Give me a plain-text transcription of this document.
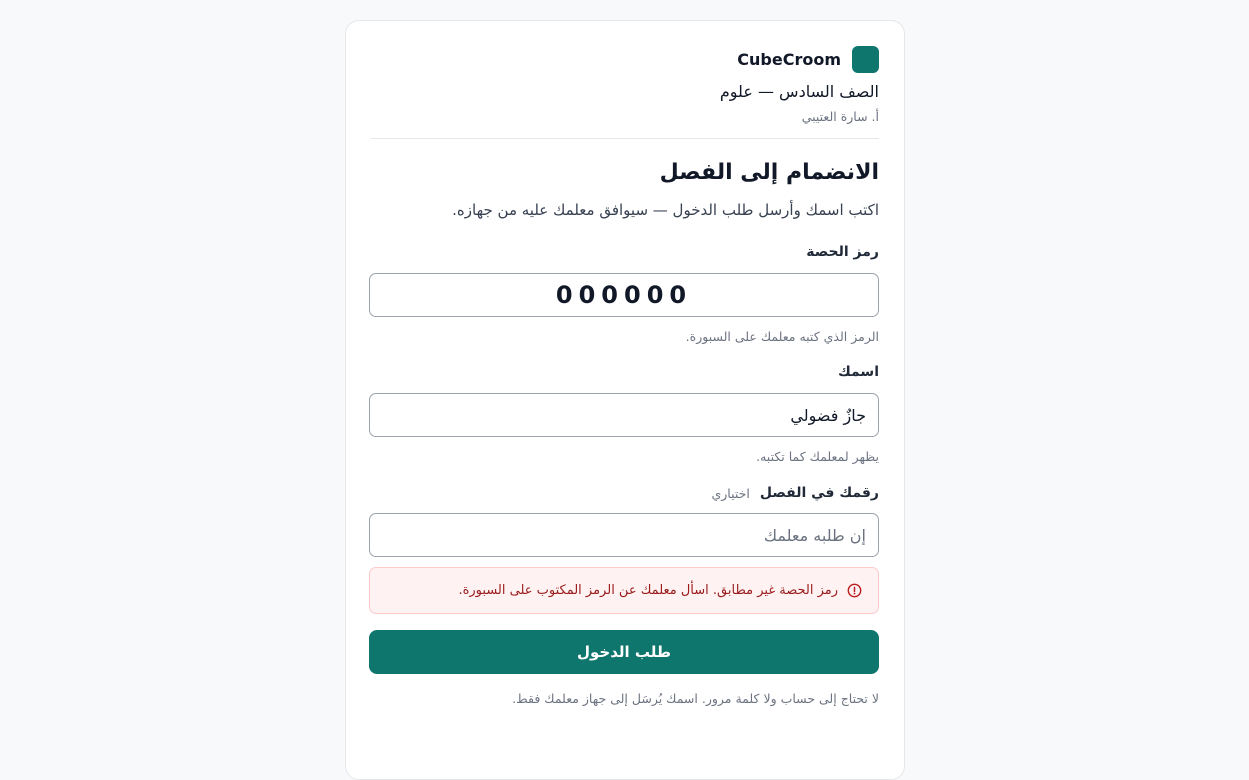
CubeCroom
الصف السادس — علوم
أ. سارة العتيبي
الانضمام إلى الفصل

اكتب اسمك وأرسل طلب الدخول — سيوافق معلمك عليه من جهازه.

رمز الحصة
000000
الرمز الذي كتبه معلمك على السبورة.
اسمك
جازٌ فضولي
يظهر لمعلمك كما تكتبه.
رقمك في الفصل
اختياري
إن طلبه معلمك
رمز الحصة غير مطابق. اسأل معلمك عن الرمز المكتوب على السبورة.
طلب الدخول
لا تحتاج إلى حساب ولا كلمة مرور. اسمك يُرسَل إلى جهاز معلمك فقط.
